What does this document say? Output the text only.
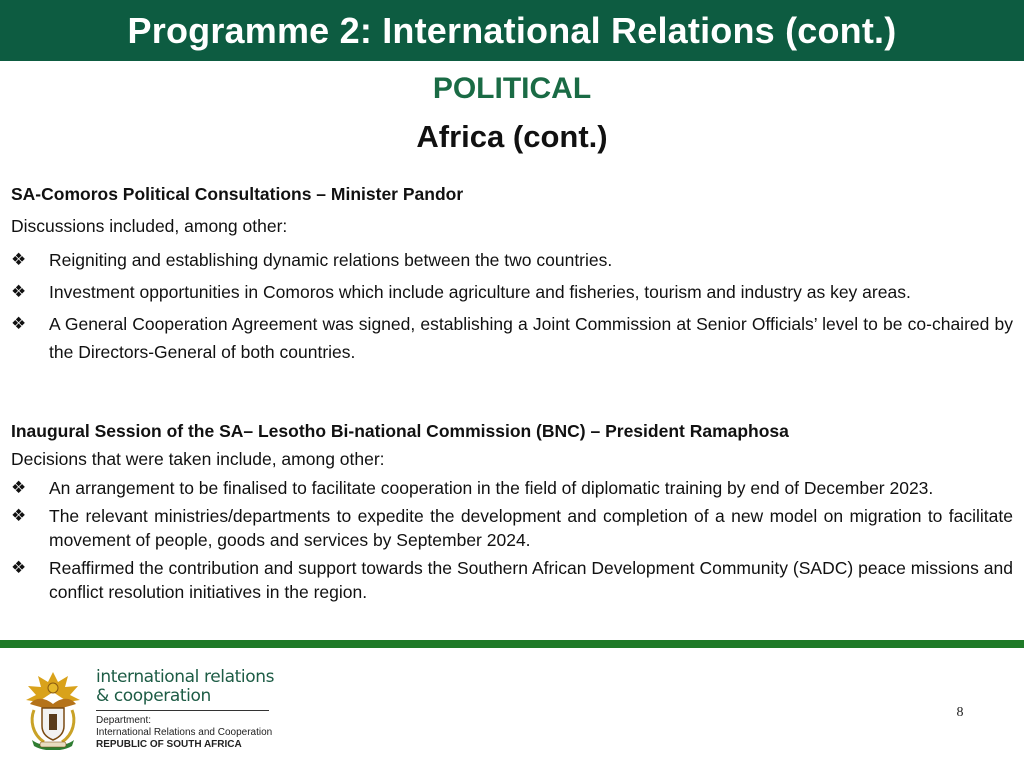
Programme 2: International Relations (cont.)
POLITICAL
Africa (cont.)
SA-Comoros Political Consultations – Minister Pandor
Discussions included, among other:
❖ Reigniting and establishing dynamic relations between the two countries.
❖ Investment opportunities in Comoros which include agriculture and fisheries, tourism and industry as key areas.
❖ A General Cooperation Agreement was signed, establishing a Joint Commission at Senior Officials’ level to be co-chaired by the Directors-General of both countries.
Inaugural Session of the SA– Lesotho Bi-national Commission (BNC) – President Ramaphosa
Decisions that were taken include, among other:
❖ An arrangement to be finalised to facilitate cooperation in the field of diplomatic training by end of December 2023.
❖ The relevant ministries/departments to expedite the development and completion of a new model on migration to facilitate movement of people, goods and services by September 2024.
❖ Reaffirmed the contribution and support towards the Southern African Development Community (SADC) peace missions and conflict resolution initiatives in the region.
international relations
& cooperation
Department:
International Relations and Cooperation
REPUBLIC OF SOUTH AFRICA
8
